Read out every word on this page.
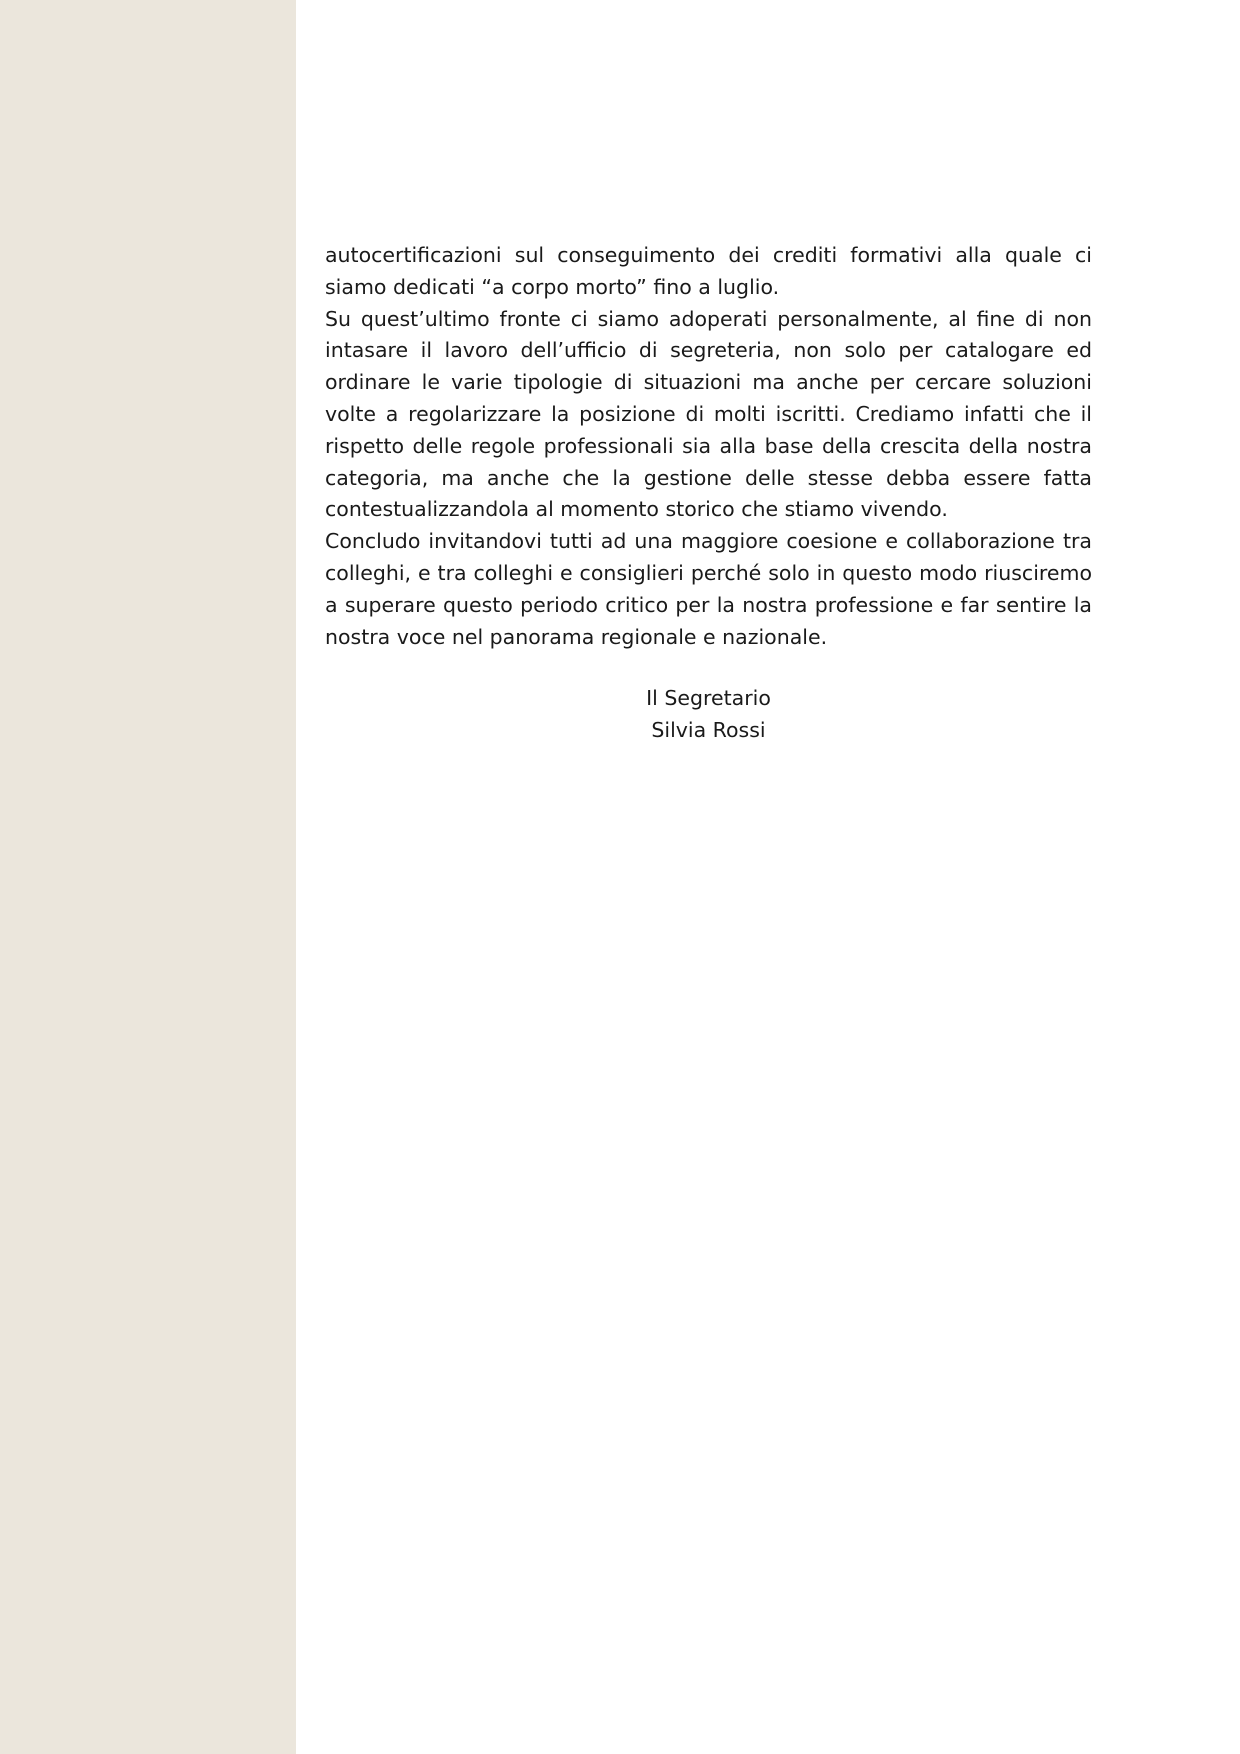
autocertificazioni sul conseguimento dei crediti formativi alla quale ci siamo dedicati “a corpo morto” fino a luglio.

Su quest’ultimo fronte ci siamo adoperati personalmente, al fine di non intasare il lavoro dell’ufficio di segreteria, non solo per catalogare ed ordinare le varie tipologie di situazioni ma anche per cercare soluzioni volte a regolarizzare la posizione di molti iscritti. Crediamo infatti che il rispetto delle regole professionali sia alla base della crescita della nostra categoria, ma anche che la gestione delle stesse debba essere fatta contestualizzandola al momento storico che stiamo vivendo.

Concludo invitandovi tutti ad una maggiore coesione e collaborazione tra colleghi, e tra colleghi e consiglieri perché solo in questo modo riusciremo a superare questo periodo critico per la nostra professione e far sentire la nostra voce nel panorama regionale e nazionale.

Il Segretario
Silvia Rossi
